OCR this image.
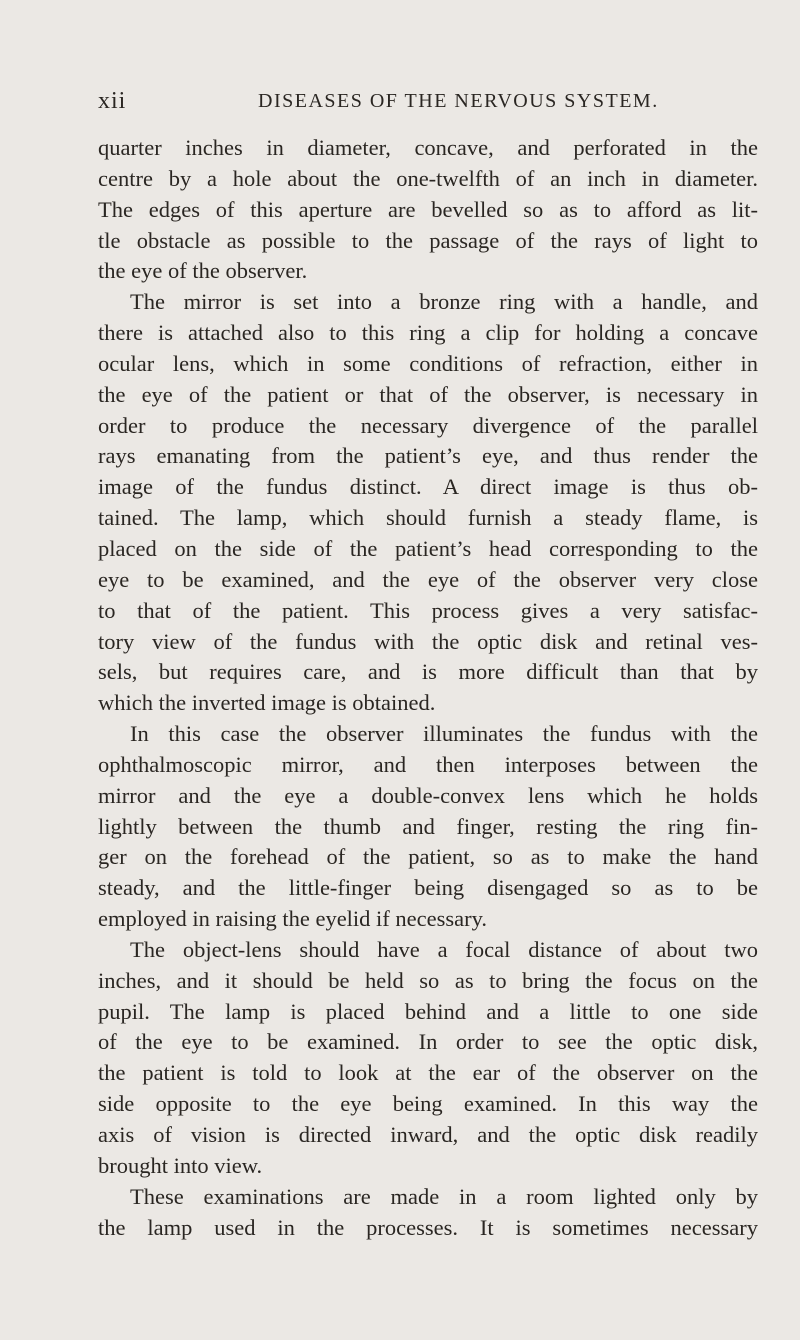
xii	DISEASES OF THE NERVOUS SYSTEM.
quarter inches in diameter, concave, and perforated in the
centre by a hole about the one-twelfth of an inch in diameter.
The edges of this aperture are bevelled so as to afford as lit-
tle obstacle as possible to the passage of the rays of light to
the eye of the observer.
The mirror is set into a bronze ring with a handle, and
there is attached also to this ring a clip for holding a concave
ocular lens, which in some conditions of refraction, either in
the eye of the patient or that of the observer, is necessary in
order to produce the necessary divergence of the parallel
rays emanating from the patient’s eye, and thus render the
image of the fundus distinct. A direct image is thus ob-
tained. The lamp, which should furnish a steady flame, is
placed on the side of the patient’s head corresponding to the
eye to be examined, and the eye of the observer very close
to that of the patient. This process gives a very satisfac-
tory view of the fundus with the optic disk and retinal ves-
sels, but requires care, and is more difficult than that by
which the inverted image is obtained.
In this case the observer illuminates the fundus with the
ophthalmoscopic mirror, and then interposes between the
mirror and the eye a double-convex lens which he holds
lightly between the thumb and finger, resting the ring fin-
ger on the forehead of the patient, so as to make the hand
steady, and the little-finger being disengaged so as to be
employed in raising the eyelid if necessary.
The object-lens should have a focal distance of about two
inches, and it should be held so as to bring the focus on the
pupil. The lamp is placed behind and a little to one side
of the eye to be examined. In order to see the optic disk,
the patient is told to look at the ear of the observer on the
side opposite to the eye being examined. In this way the
axis of vision is directed inward, and the optic disk readily
brought into view.
These examinations are made in a room lighted only by
the lamp used in the processes. It is sometimes necessary
